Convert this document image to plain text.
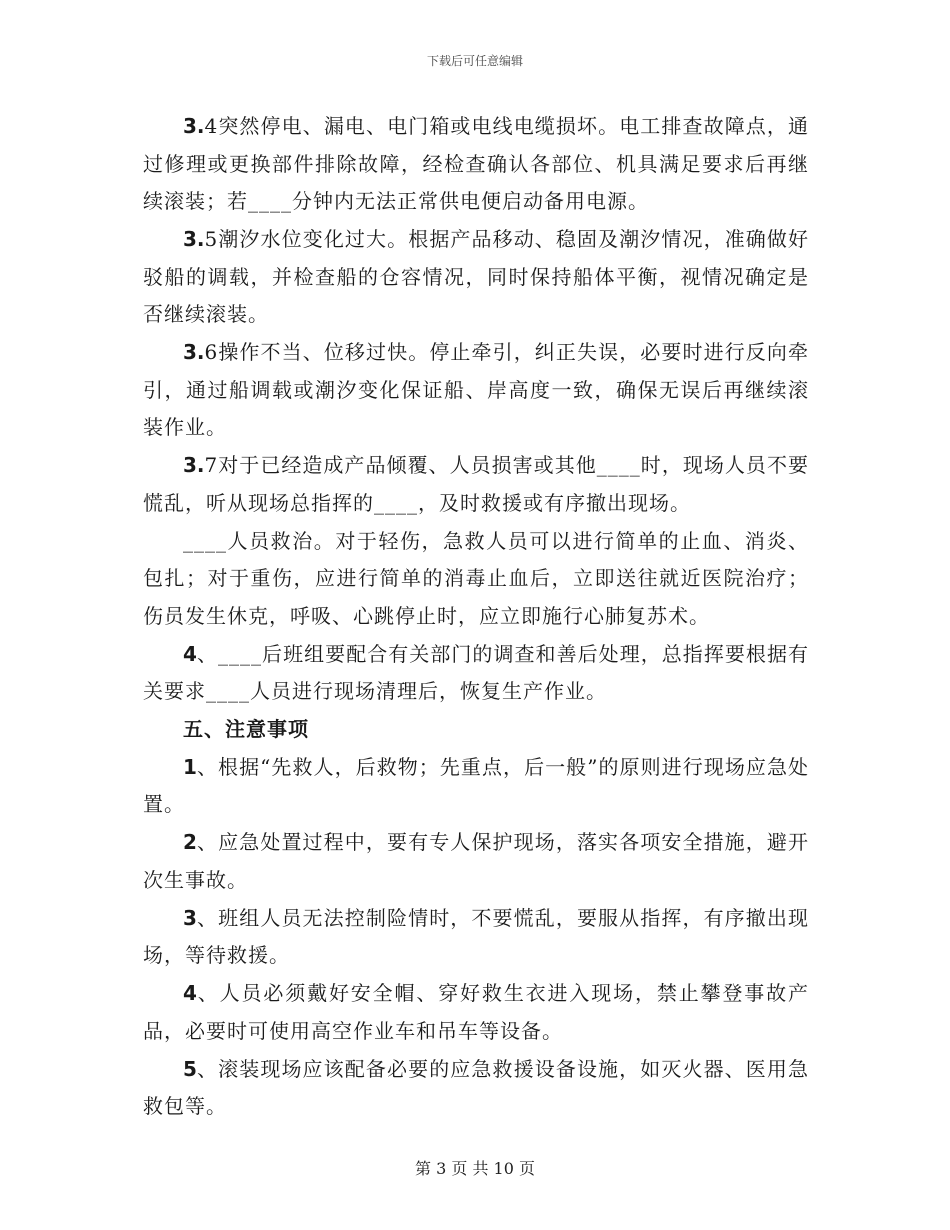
下载后可任意编辑

3.4突然停电、漏电、电门箱或电线电缆损坏。电工排查故障点，通过修理或更换部件排除故障，经检查确认各部位、机具满足要求后再继续滚装；若____分钟内无法正常供电便启动备用电源。

3.5潮汐水位变化过大。根据产品移动、稳固及潮汐情况，准确做好驳船的调载，并检查船的仓容情况，同时保持船体平衡，视情况确定是否继续滚装。

3.6操作不当、位移过快。停止牵引，纠正失误，必要时进行反向牵引，通过船调载或潮汐变化保证船、岸高度一致，确保无误后再继续滚装作业。

3.7对于已经造成产品倾覆、人员损害或其他____时，现场人员不要慌乱，听从现场总指挥的____，及时救援或有序撤出现场。

____人员救治。对于轻伤，急救人员可以进行简单的止血、消炎、包扎；对于重伤，应进行简单的消毒止血后，立即送往就近医院治疗；伤员发生休克，呼吸、心跳停止时，应立即施行心肺复苏术。

4、____后班组要配合有关部门的调查和善后处理，总指挥要根据有关要求____人员进行现场清理后，恢复生产作业。

五、注意事项

1、根据“先救人，后救物；先重点，后一般”的原则进行现场应急处置。

2、应急处置过程中，要有专人保护现场，落实各项安全措施，避开次生事故。

3、班组人员无法控制险情时，不要慌乱，要服从指挥，有序撤出现场，等待救援。

4、人员必须戴好安全帽、穿好救生衣进入现场，禁止攀登事故产品，必要时可使用高空作业车和吊车等设备。

5、滚装现场应该配备必要的应急救援设备设施，如灭火器、医用急救包等。

第 3 页 共 10 页
